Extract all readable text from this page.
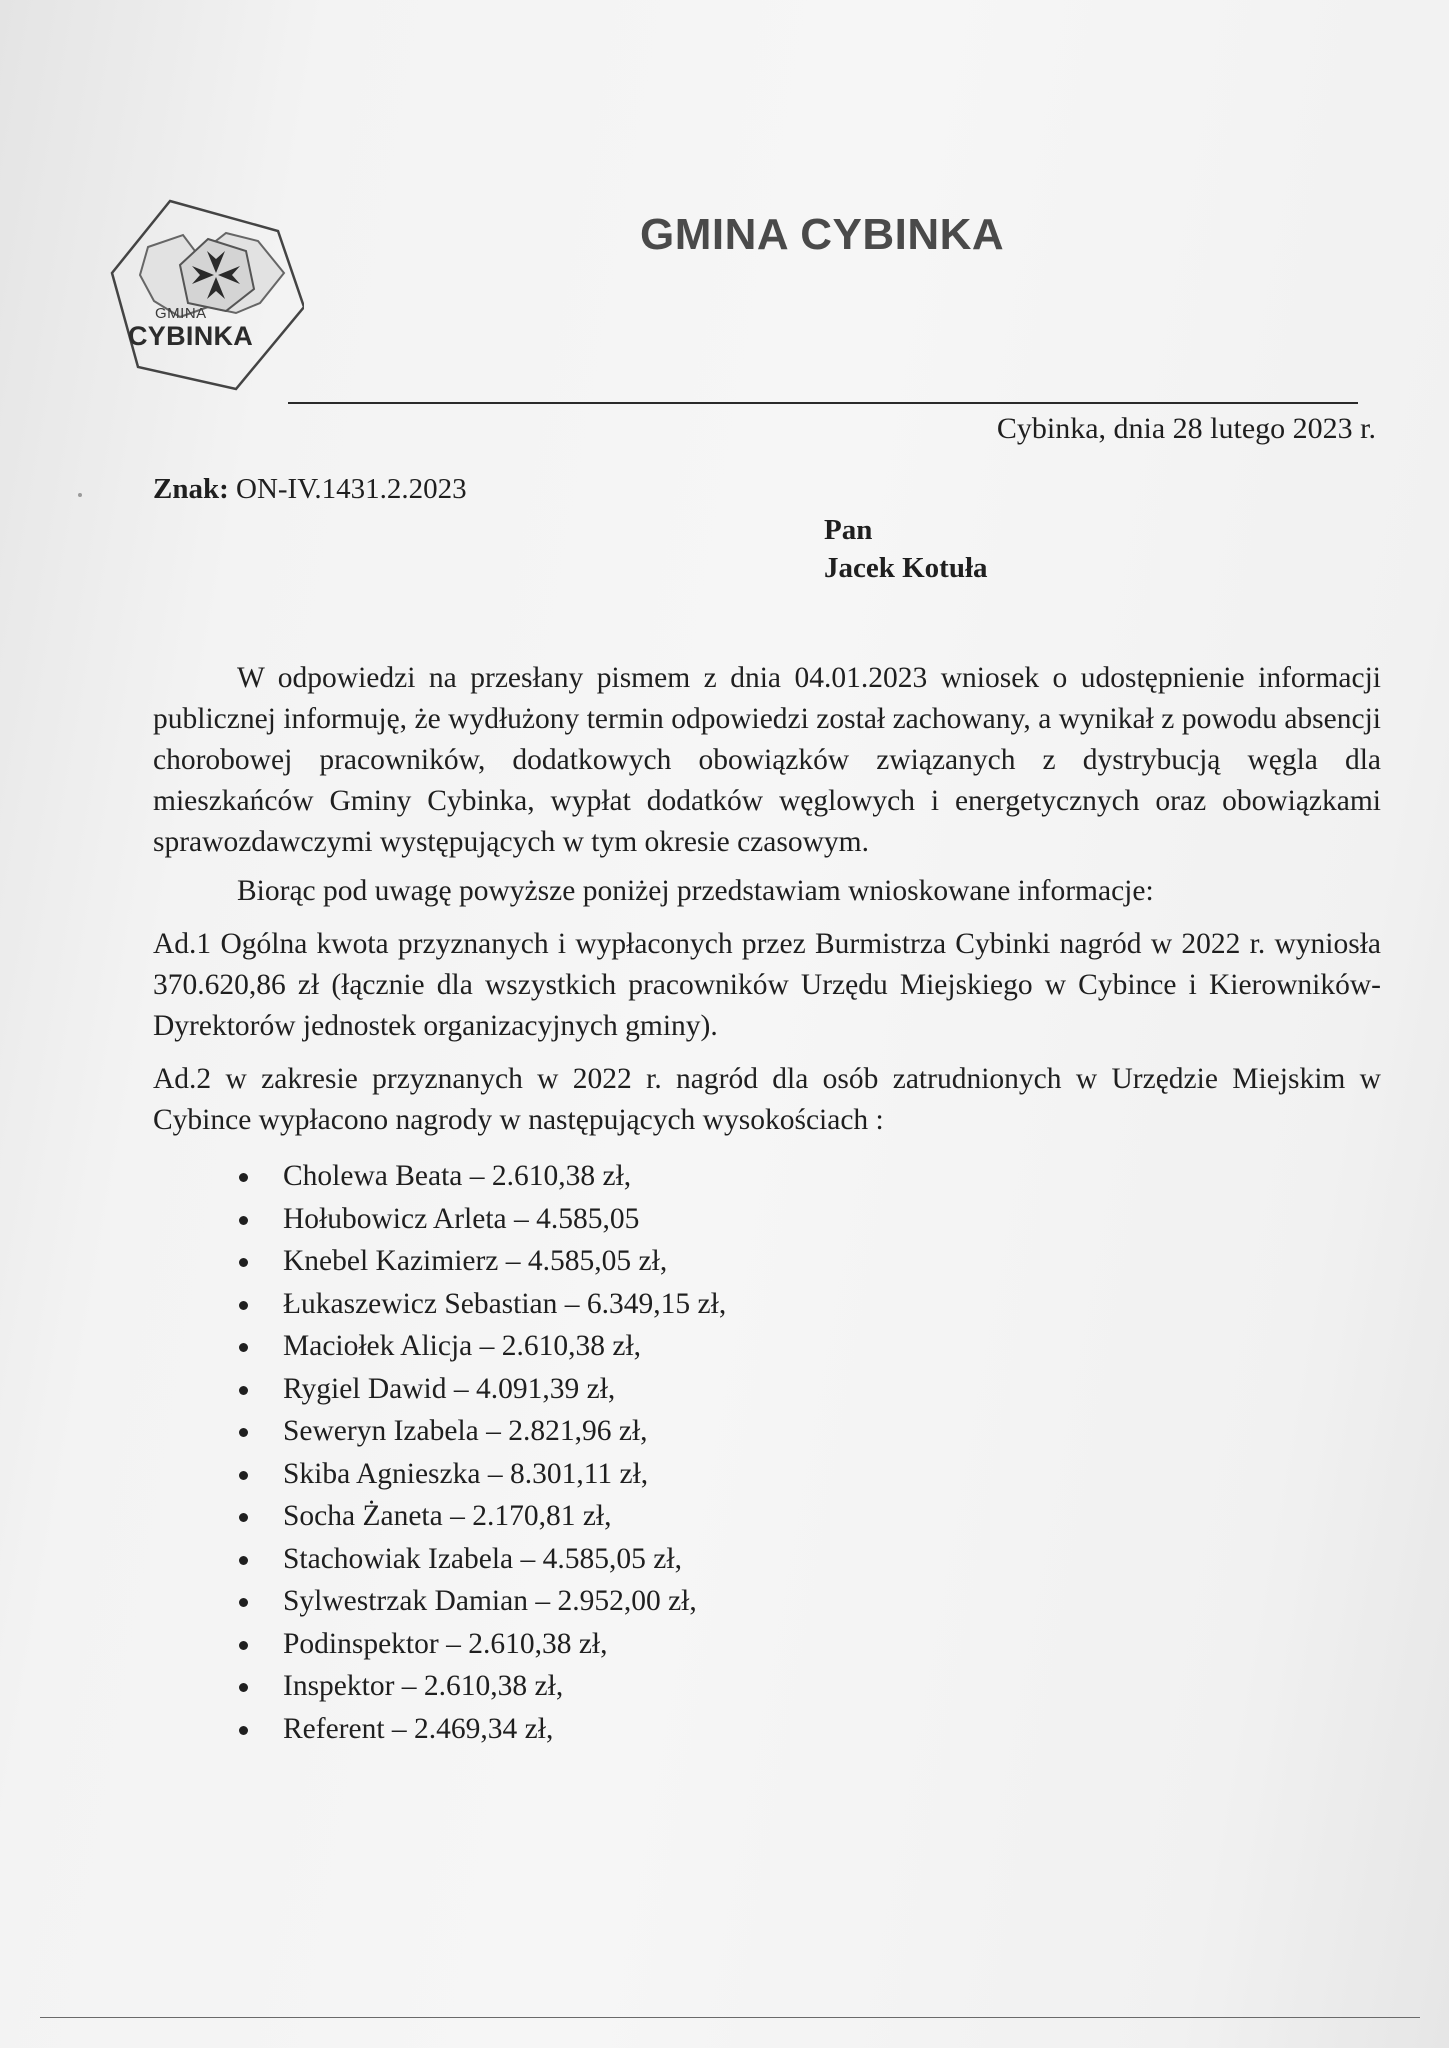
GMINA
CYBINKA
GMINA CYBINKA
Cybinka, dnia 28 lutego 2023 r.
Znak: ON-IV.1431.2.2023
Pan
Jacek Kotuła

W odpowiedzi na przesłany pismem z dnia 04.01.2023 wniosek o udostępnienie informacji publicznej informuję, że wydłużony termin odpowiedzi został zachowany, a wynikał z powodu absencji chorobowej pracowników, dodatkowych obowiązków związanych z dystrybucją węgla dla mieszkańców Gminy Cybinka, wypłat dodatków węglowych i energetycznych oraz obowiązkami sprawozdawczymi występujących w tym okresie czasowym.

Biorąc pod uwagę powyższe poniżej przedstawiam wnioskowane informacje:

Ad.1 Ogólna kwota przyznanych i wypłaconych przez Burmistrza Cybinki nagród w 2022 r. wyniosła 370.620,86 zł (łącznie dla wszystkich pracowników Urzędu Miejskiego w Cybince i Kierowników-Dyrektorów jednostek organizacyjnych gminy).

Ad.2 w zakresie przyznanych w 2022 r. nagród dla osób zatrudnionych w Urzędzie Miejskim w Cybince wypłacono nagrody w następujących wysokościach :

Cholewa Beata – 2.610,38 zł,
Hołubowicz Arleta – 4.585,05
Knebel Kazimierz – 4.585,05 zł,
Łukaszewicz Sebastian – 6.349,15 zł,
Maciołek Alicja – 2.610,38 zł,
Rygiel Dawid – 4.091,39 zł,
Seweryn Izabela – 2.821,96 zł,
Skiba Agnieszka – 8.301,11 zł,
Socha Żaneta – 2.170,81 zł,
Stachowiak Izabela – 4.585,05 zł,
Sylwestrzak Damian – 2.952,00 zł,
Podinspektor – 2.610,38 zł,
Inspektor – 2.610,38 zł,
Referent – 2.469,34 zł,
